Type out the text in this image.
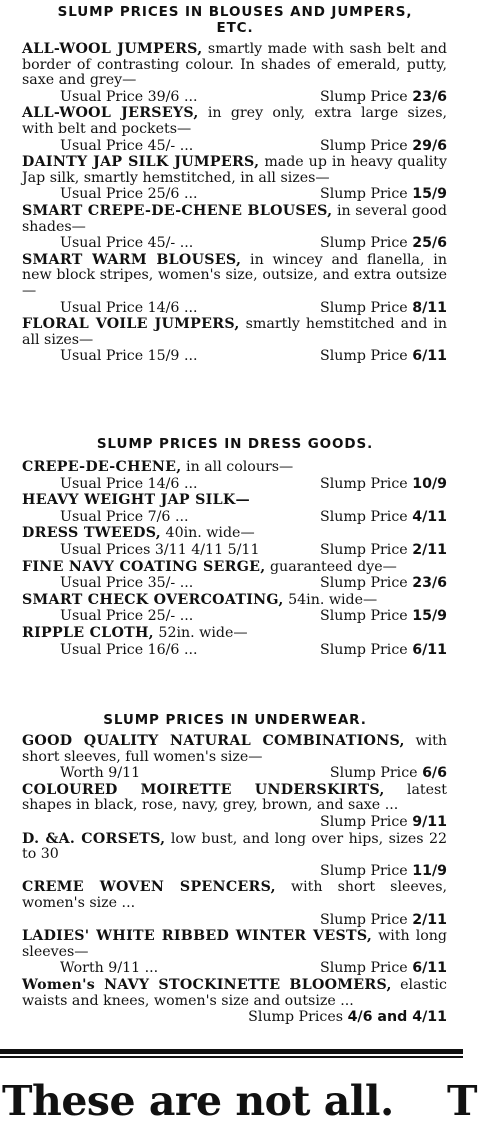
SLUMP PRICES IN BLOUSES AND JUMPERS, ETC.

ALL-WOOL JUMPERS, smartly made with sash belt and border of contrasting colour. In shades of emerald, putty, saxe and grey—

Usual Price 39/6 ...	Slump Price 23/6

ALL-WOOL JERSEYS, in grey only, extra large sizes, with belt and pockets—

Usual Price 45/- ...	Slump Price 29/6

DAINTY JAP SILK JUMPERS, made up in heavy quality Jap silk, smartly hemstitched, in all sizes—

Usual Price 25/6 ...	Slump Price 15/9

SMART CREPE-DE-CHENE BLOUSES, in several good shades—

Usual Price 45/- ...	Slump Price 25/6

SMART WARM BLOUSES, in wincey and flanella, in new block stripes, women's size, outsize, and extra outsize—

Usual Price 14/6 ...	Slump Price 8/11

FLORAL VOILE JUMPERS, smartly hemstitched and in all sizes—

Usual Price 15/9 ...	Slump Price 6/11
SLUMP PRICES IN DRESS GOODS.

CREPE-DE-CHENE, in all colours—

Usual Price 14/6 ...	Slump Price 10/9

HEAVY WEIGHT JAP SILK—

Usual Price 7/6 ...	Slump Price 4/11

DRESS TWEEDS, 40in. wide—

Usual Prices 3/11 4/11 5/11	Slump Price 2/11

FINE NAVY COATING SERGE, guaranteed dye—

Usual Price 35/- ...	Slump Price 23/6

SMART CHECK OVERCOATING, 54in. wide—

Usual Price 25/- ...	Slump Price 15/9

RIPPLE CLOTH, 52in. wide—

Usual Price 16/6 ...	Slump Price 6/11
SLUMP PRICES IN UNDERWEAR.

GOOD QUALITY NATURAL COMBINATIONS, with short sleeves, full women's size—

Worth 9/11	Slump Price 6/6

COLOURED MOIRETTE UNDERSKIRTS, latest shapes in black, rose, navy, grey, brown, and saxe ...

Slump Price 9/11

D. &A. CORSETS, low bust, and long over hips, sizes 22 to 30

Slump Price 11/9

CREME WOVEN SPENCERS, with short sleeves, women's size ...

Slump Price 2/11

LADIES' WHITE RIBBED WINTER VESTS, with long sleeves—

Worth 9/11 ...	Slump Price 6/11

Women's NAVY STOCKINETTE BLOOMERS, elastic waists and knees, women's size and outsize ...

Slump Prices 4/6 and 4/11
These are not all. T
